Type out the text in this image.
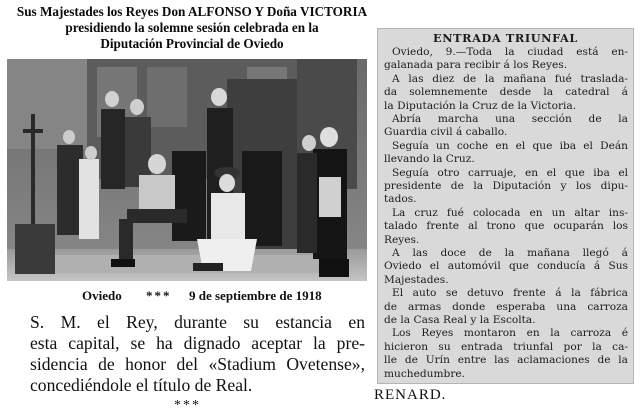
Sus Majestades los Reyes Don ALFONSO Y Doña VICTORIA
presidiendo la solemne sesión celebrada en la
Diputación Provincial de Oviedo
Oviedo *** 9 de septiembre de 1918
S. M. el Rey, durante su estancia en
esta capital, se ha dignado aceptar la pre-
sidencia de honor del «Stadium Ovetense»,
concediéndole el título de Real.
***
RENARD.
ENTRADA TRIUNFAL
Oviedo, 9.—Toda la ciudad está en-
galanada para recibir á los Reyes.
A las diez de la mañana fué traslada-
da solemnemente desde la catedral á
la Diputación la Cruz de la Victoria.
Abría marcha una sección de la
Guardia civil á caballo.
Seguía un coche en el que iba el Deán
llevando la Cruz.
Seguía otro carruaje, en el que iba el
presidente de la Diputación y los dipu-
tados.
La cruz fué colocada en un altar ins-
talado frente al trono que ocuparán los
Reyes.
A las doce de la mañana llegó á
Oviedo el automóvil que conducía á Sus
Majestades.
El auto se detuvo frente á la fábrica
de armas donde esperaba una carroza
de la Casa Real y la Escolta.
Los Reyes montaron en la carroza é
hicieron su entrada triunfal por la ca-
lle de Urín entre las aclamaciones de la
muchedumbre.
